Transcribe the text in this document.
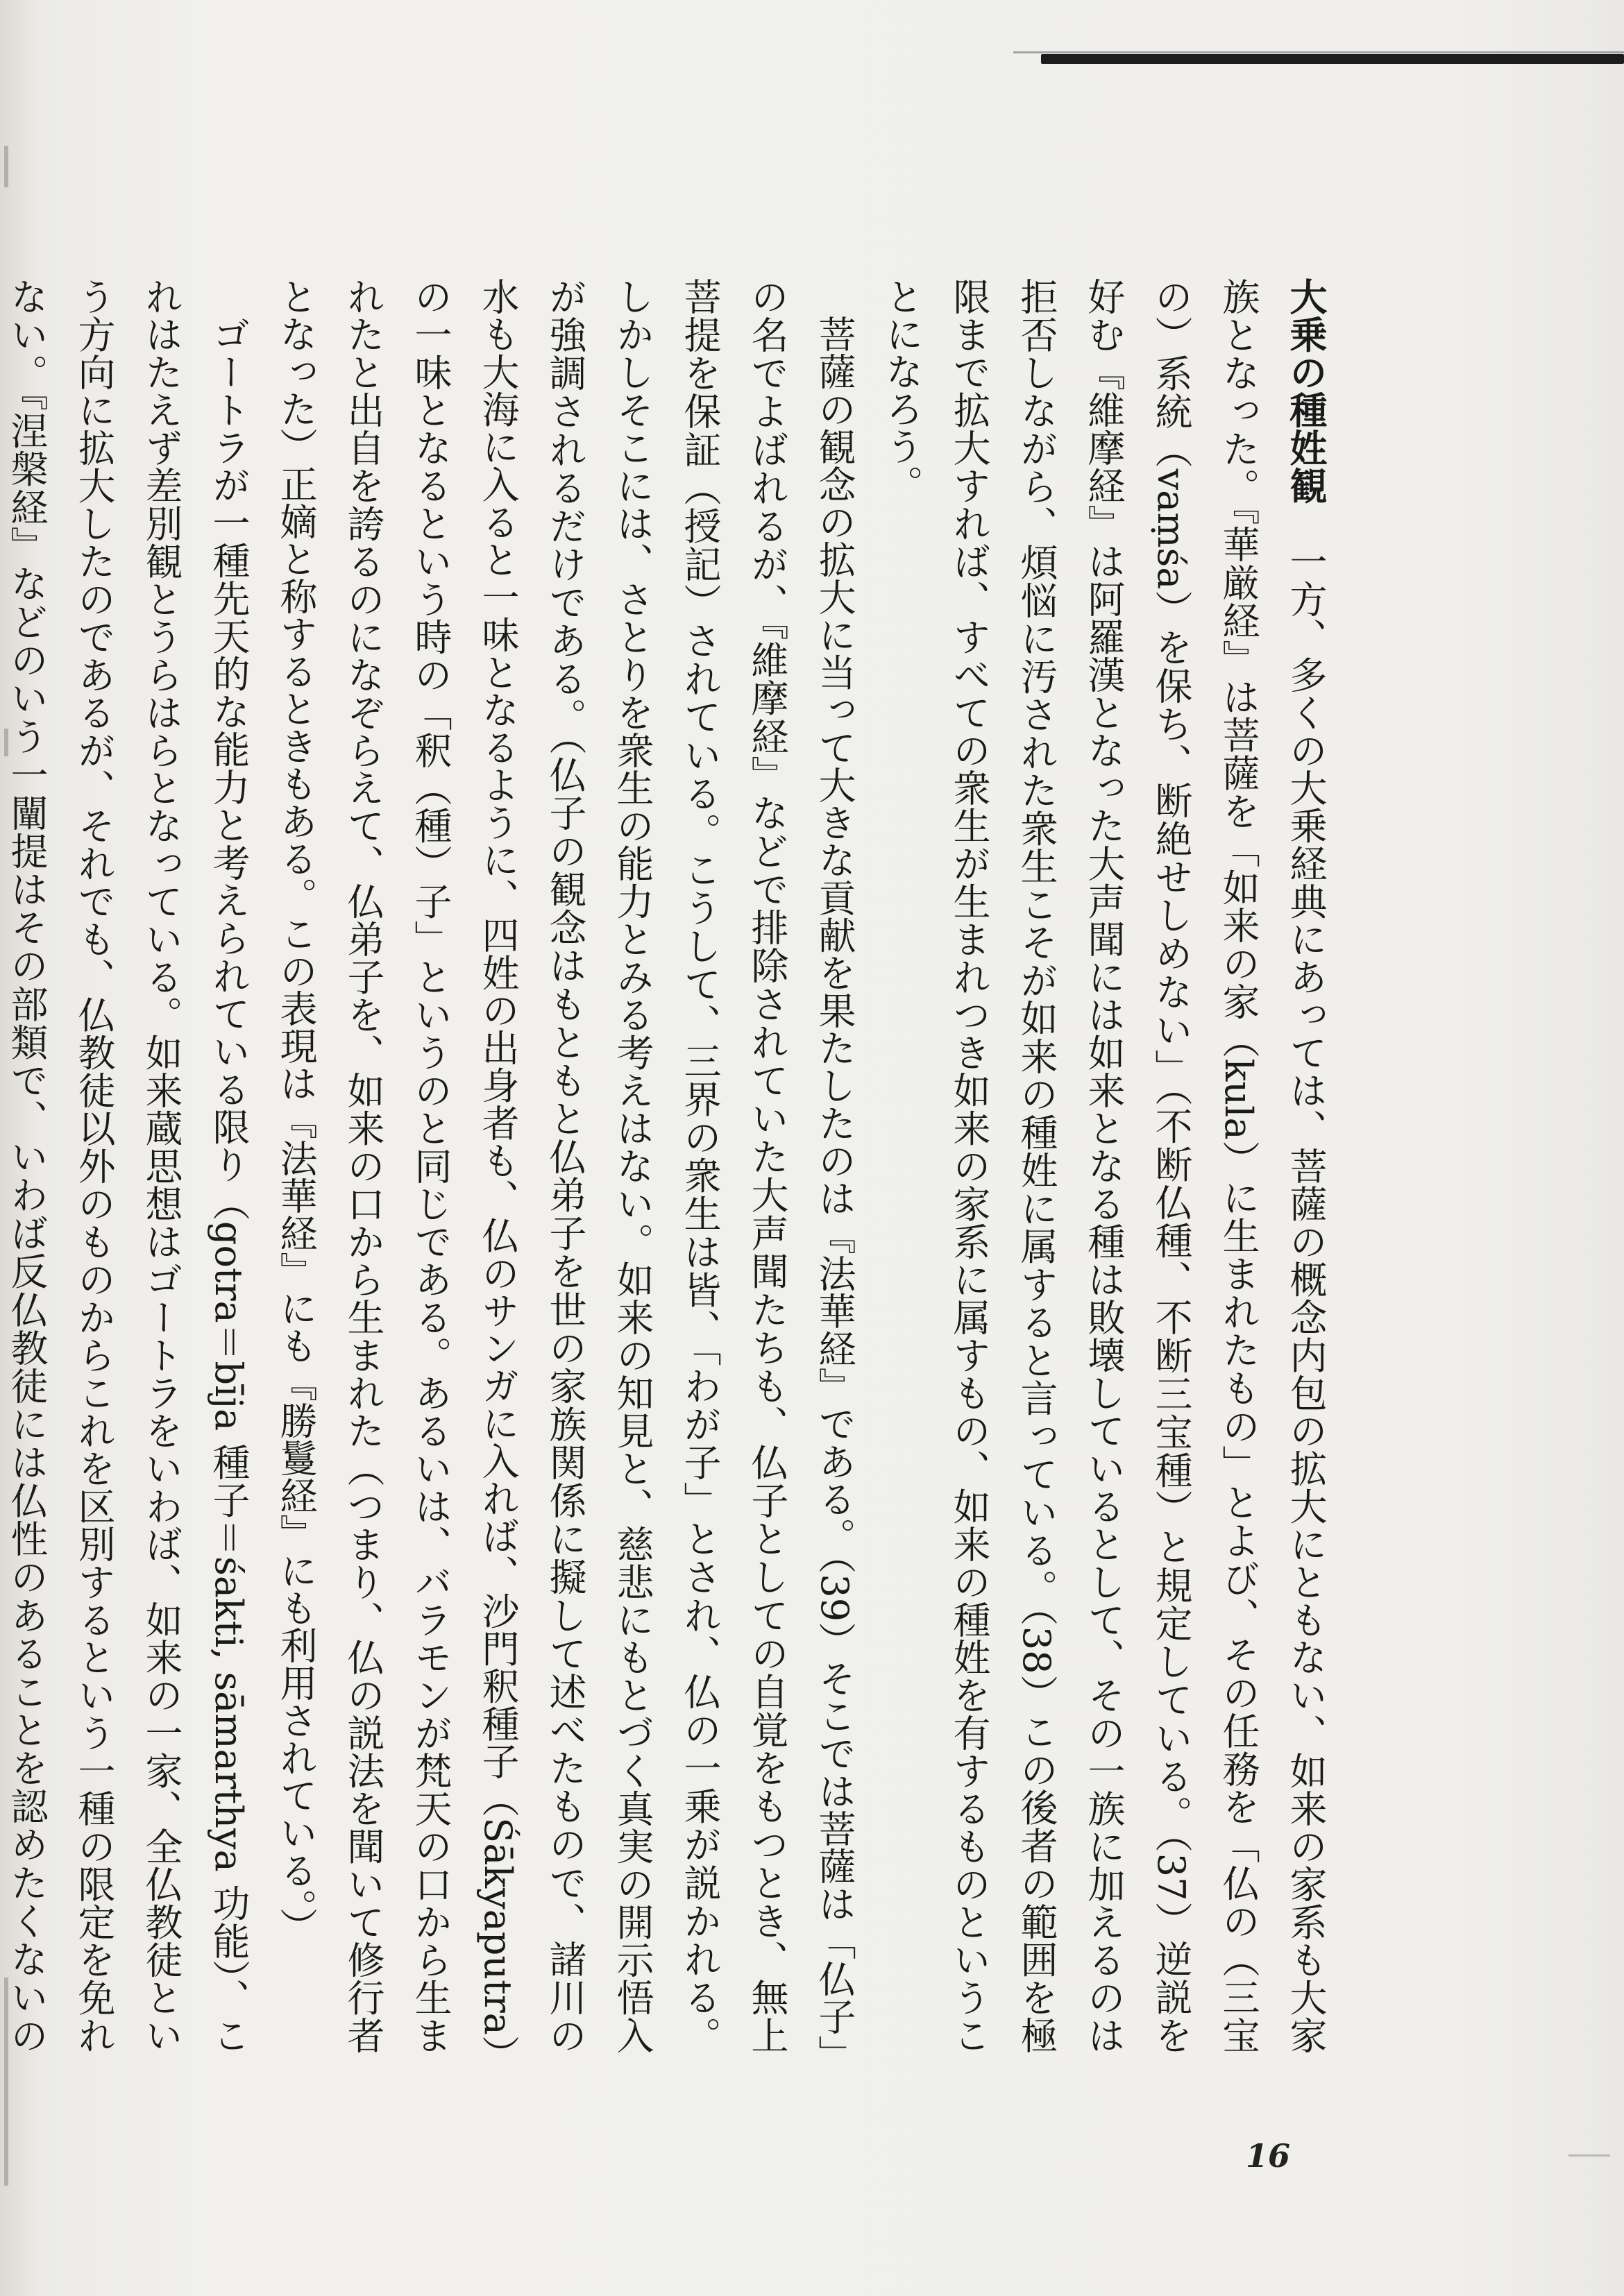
大乗の種姓観一方、多くの大乗経典にあっては、菩薩の概念内包の拡大にともない、如来の家系も大家族となった。『華厳経』は菩薩を「如来の家（kula）に生まれたもの」とよび、その任務を「仏の（三宝の）系統（vaṃśa）を保ち、断絶せしめない」（不断仏種、不断三宝種）と規定している。（37）逆説を好む『維摩経』は阿羅漢となった大声聞には如来となる種は敗壊しているとして、その一族に加えるのは拒否しながら、煩悩に汚された衆生こそが如来の種姓に属すると言っている。（38）この後者の範囲を極限まで拡大すれば、すべての衆生が生まれつき如来の家系に属すもの、如来の種姓を有するものということになろう。

菩薩の観念の拡大に当って大きな貢献を果たしたのは『法華経』である。（39）そこでは菩薩は「仏子」の名でよばれるが、『維摩経』などで排除されていた大声聞たちも、仏子としての自覚をもつとき、無上菩提を保証（授記）されている。こうして、三界の衆生は皆、「わが子」とされ、仏の一乗が説かれる。しかしそこには、さとりを衆生の能力とみる考えはない。如来の知見と、慈悲にもとづく真実の開示悟入が強調されるだけである。（仏子の観念はもともと仏弟子を世の家族関係に擬して述べたもので、諸川の水も大海に入ると一味となるように、四姓の出身者も、仏のサンガに入れば、沙門釈種子（Śākyaputra）の一味となるという時の「釈（種）子」というのと同じである。あるいは、バラモンが梵天の口から生まれたと出自を誇るのになぞらえて、仏弟子を、如来の口から生まれた（つまり、仏の説法を聞いて修行者となった）正嫡と称するときもある。この表現は『法華経』にも『勝鬘経』にも利用されている。）

ゴートラが一種先天的な能力と考えられている限り（gotra＝bīja 種子＝śakti, sāmarthya 功能）、これはたえず差別観とうらはらとなっている。如来蔵思想はゴートラをいわば、如来の一家、全仏教徒という方向に拡大したのであるが、それでも、仏教徒以外のものからこれを区別するという一種の限定を免れない。『涅槃経』などのいう一闡提はその部類で、いわば反仏教徒には仏性のあることを認めたくないの

16
